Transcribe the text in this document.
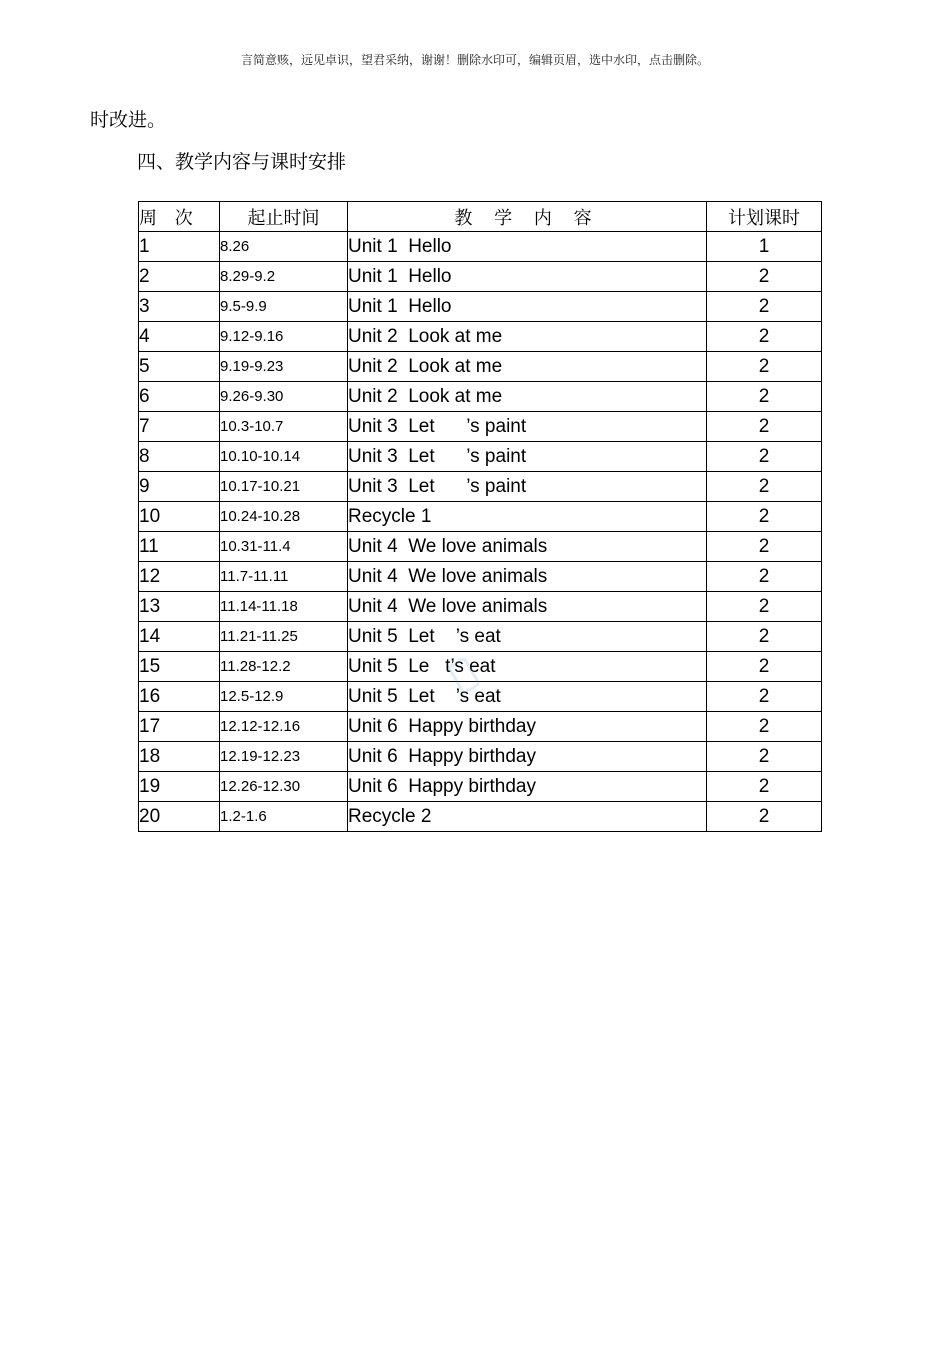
言简意赅，远见卓识，望君采纳，谢谢！删除水印可，编辑页眉，选中水印，点击删除。
时改进。
四、教学内容与课时安排
周 次	起止时间	教 学 内 容	计划课时
1	8.26	Unit 1  Hello	1
2	8.29-9.2	Unit 1  Hello	2
3	9.5-9.9	Unit 1  Hello	2
4	9.12-9.16	Unit 2  Look at me	2
5	9.19-9.23	Unit 2  Look at me	2
6	9.26-9.30	Unit 2  Look at me	2
7	10.3-10.7	Unit 3  Let      ’s paint	2
8	10.10-10.14	Unit 3  Let      ’s paint	2
9	10.17-10.21	Unit 3  Let      ’s paint	2
10	10.24-10.28	Recycle 1	2
11	10.31-11.4	Unit 4  We love animals	2
12	11.7-11.11	Unit 4  We love animals	2
13	11.14-11.18	Unit 4  We love animals	2
14	11.21-11.25	Unit 5  Let    ’s eat	2
15	11.28-12.2	Unit 5  Le   t’s eat	2
16	12.5-12.9	Unit 5  Let    ’s eat	2
17	12.12-12.16	Unit 6  Happy birthday	2
18	12.19-12.23	Unit 6  Happy birthday	2
19	12.26-12.30	Unit 6  Happy birthday	2
20	1.2-1.6	Recycle 2	2
